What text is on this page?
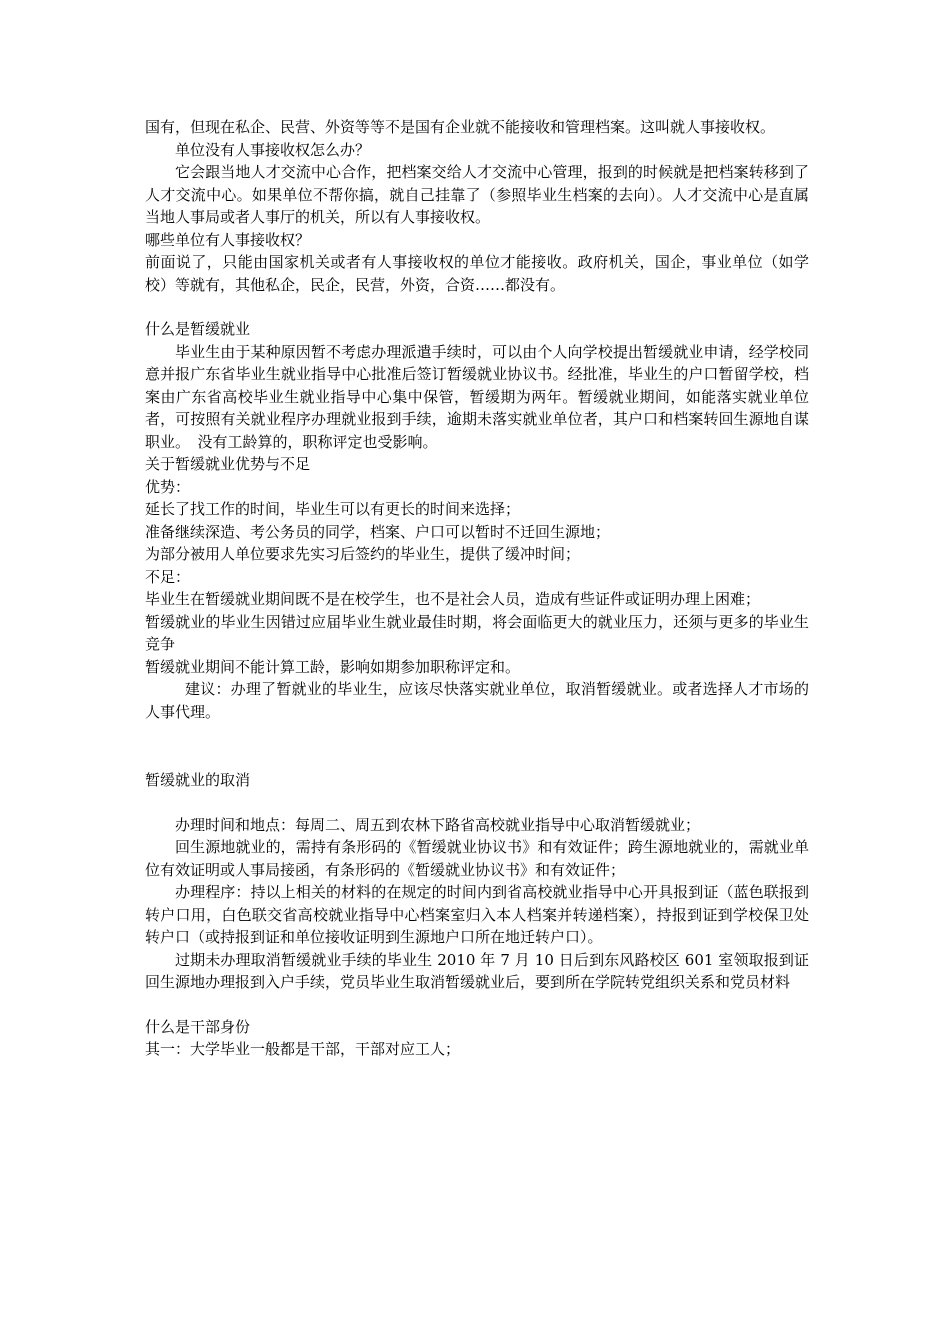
国有，但现在私企、民营、外资等等不是国有企业就不能接收和管理档案。这叫就人事接收权。

单位没有人事接收权怎么办？

它会跟当地人才交流中心合作，把档案交给人才交流中心管理，报到的时候就是把档案转移到了人才交流中心。如果单位不帮你搞，就自己挂靠了（参照毕业生档案的去向）。人才交流中心是直属当地人事局或者人事厅的机关，所以有人事接收权。

哪些单位有人事接收权？

前面说了，只能由国家机关或者有人事接收权的单位才能接收。政府机关，国企，事业单位（如学校）等就有，其他私企，民企，民营，外资，合资……都没有。

什么是暂缓就业

毕业生由于某种原因暂不考虑办理派遣手续时，可以由个人向学校提出暂缓就业申请，经学校同意并报广东省毕业生就业指导中心批准后签订暂缓就业协议书。经批准，毕业生的户口暂留学校，档案由广东省高校毕业生就业指导中心集中保管，暂缓期为两年。暂缓就业期间，如能落实就业单位者，可按照有关就业程序办理就业报到手续，逾期未落实就业单位者，其户口和档案转回生源地自谋职业。　没有工龄算的，职称评定也受影响。

关于暂缓就业优势与不足

优势：

延长了找工作的时间，毕业生可以有更长的时间来选择；

准备继续深造、考公务员的同学，档案、户口可以暂时不迁回生源地；

为部分被用人单位要求先实习后签约的毕业生，提供了缓冲时间；

不足：

毕业生在暂缓就业期间既不是在校学生，也不是社会人员，造成有些证件或证明办理上困难；

暂缓就业的毕业生因错过应届毕业生就业最佳时期，将会面临更大的就业压力，还须与更多的毕业生竞争

暂缓就业期间不能计算工龄，影响如期参加职称评定和。

建议：办理了暂就业的毕业生，应该尽快落实就业单位，取消暂缓就业。或者选择人才市场的人事代理。

暂缓就业的取消

办理时间和地点：每周二、周五到农林下路省高校就业指导中心取消暂缓就业；

回生源地就业的，需持有条形码的《暂缓就业协议书》和有效证件；跨生源地就业的，需就业单位有效证明或人事局接函，有条形码的《暂缓就业协议书》和有效证件；

办理程序：持以上相关的材料的在规定的时间内到省高校就业指导中心开具报到证（蓝色联报到转户口用，白色联交省高校就业指导中心档案室归入本人档案并转递档案），持报到证到学校保卫处转户口（或持报到证和单位接收证明到生源地户口所在地迁转户口）。

过期未办理取消暂缓就业手续的毕业生 2010 年 7 月 10 日后到东风路校区 601 室领取报到证回生源地办理报到入户手续，党员毕业生取消暂缓就业后，要到所在学院转党组织关系和党员材料

什么是干部身份

其一：大学毕业一般都是干部，干部对应工人；
